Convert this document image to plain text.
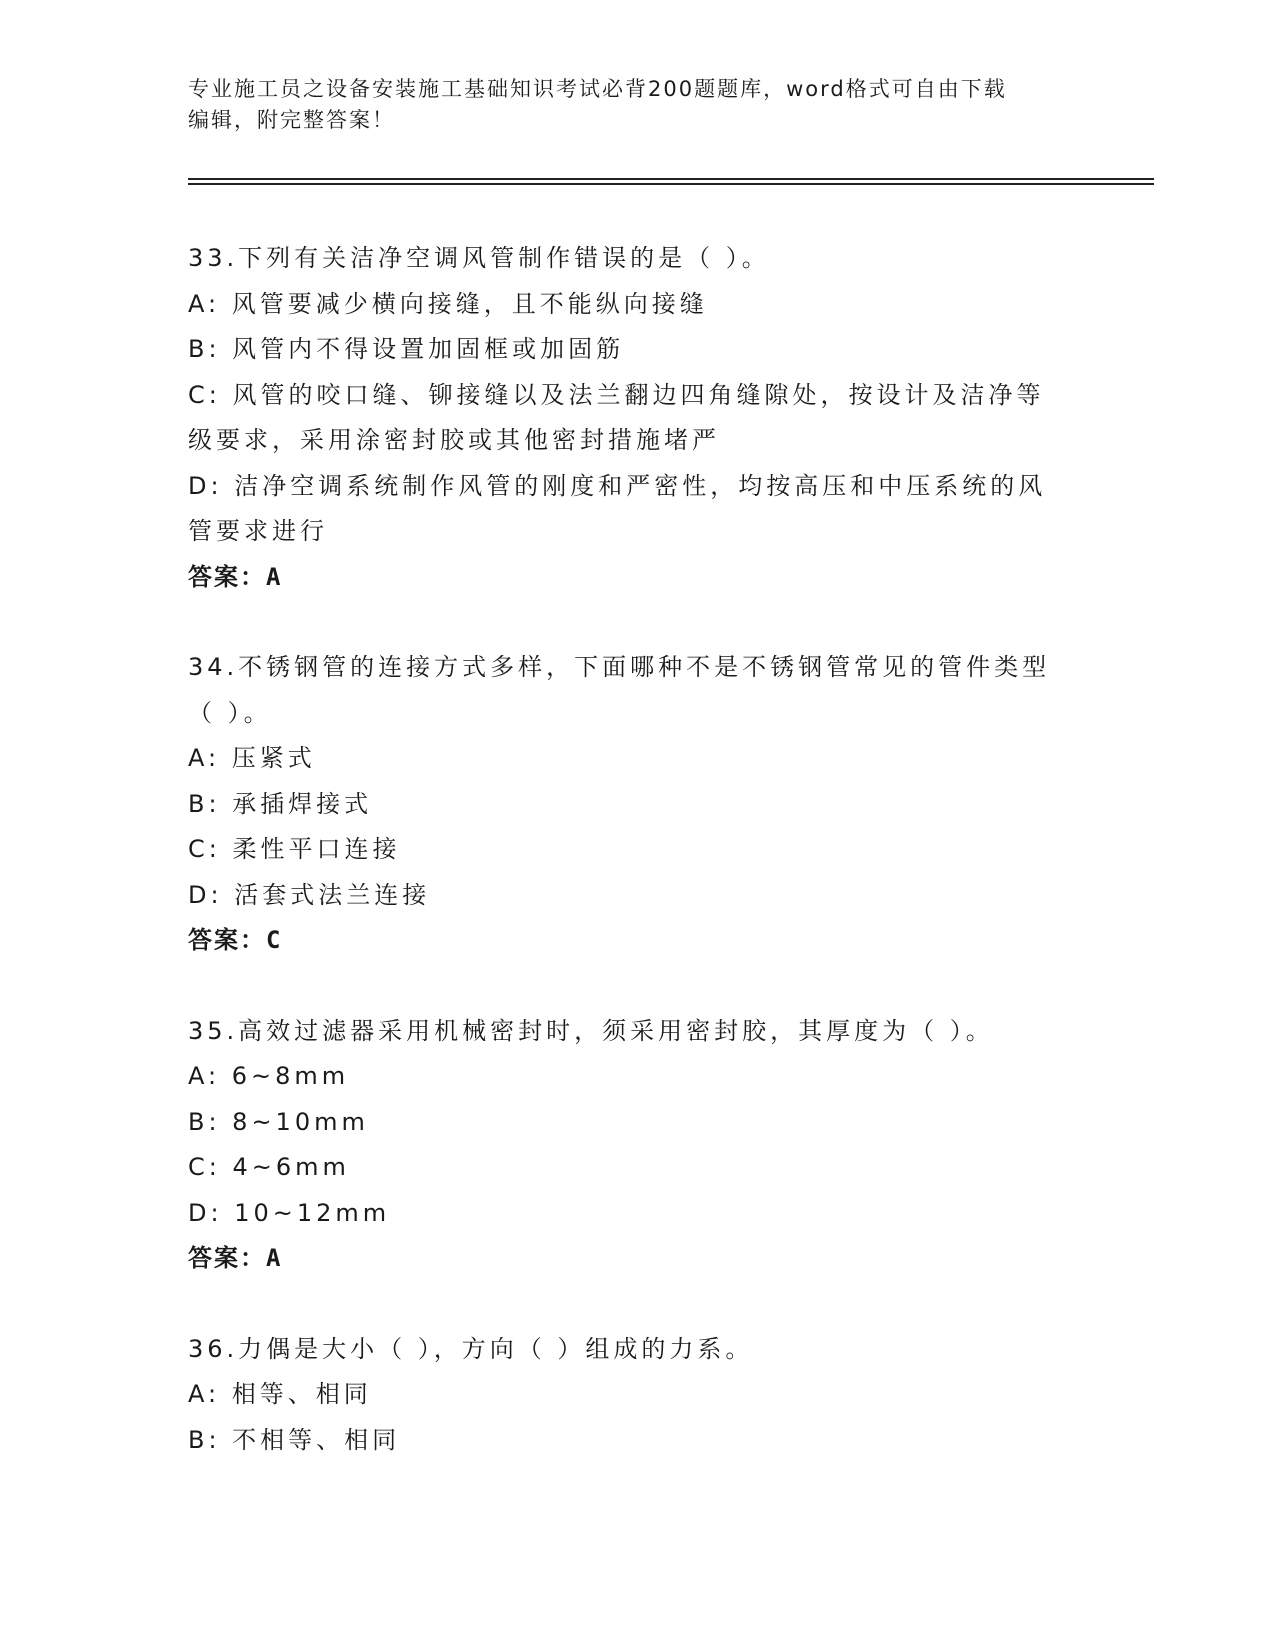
专业施工员之设备安装施工基础知识考试必背200题题库，word格式可自由下载
编辑，附完整答案！
33.下列有关洁净空调风管制作错误的是（ ）。
A: 风管要减少横向接缝，且不能纵向接缝
B: 风管内不得设置加固框或加固筋
C: 风管的咬口缝、铆接缝以及法兰翻边四角缝隙处，按设计及洁净等
级要求，采用涂密封胶或其他密封措施堵严
D: 洁净空调系统制作风管的刚度和严密性，均按高压和中压系统的风
管要求进行
答案：A
34.不锈钢管的连接方式多样，下面哪种不是不锈钢管常见的管件类型
（ ）。
A: 压紧式
B: 承插焊接式
C: 柔性平口连接
D: 活套式法兰连接
答案：C
35.高效过滤器采用机械密封时，须采用密封胶，其厚度为（ ）。
A: 6~8mm
B: 8~10mm
C: 4~6mm
D: 10~12mm
答案：A
36.力偶是大小（ ），方向（ ）组成的力系。
A: 相等、相同
B: 不相等、相同
